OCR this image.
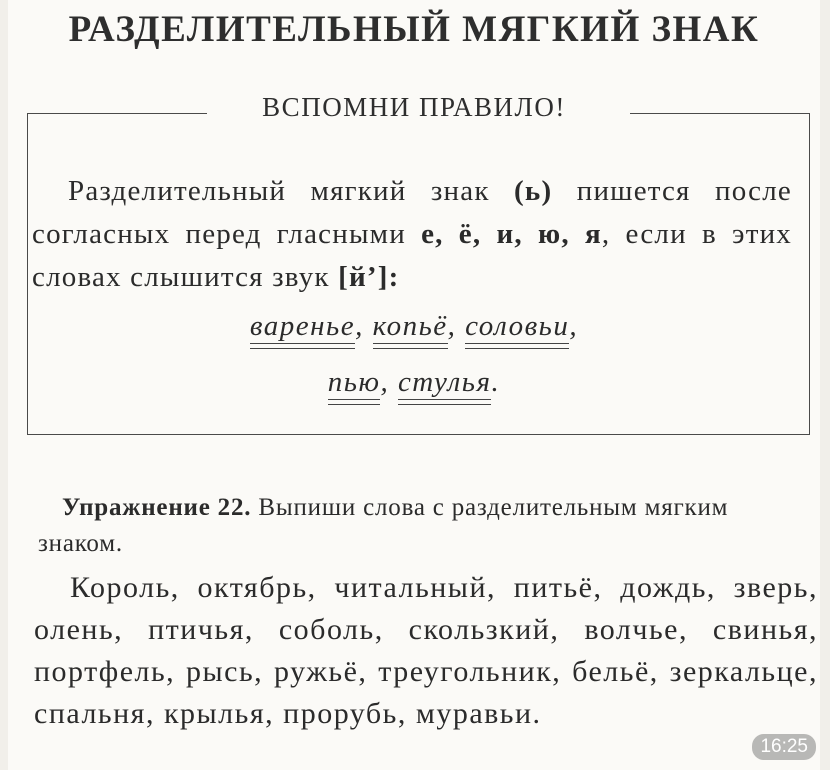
РАЗДЕЛИТЕЛЬНЫЙ МЯГКИЙ ЗНАК
ВСПОМНИ ПРАВИЛО!
Разделительный мягкий знак (ь) пишется после согласных перед гласными е, ё, и, ю, я, если в этих словах слышится звук [й’]:
варенье, копьё, соловьи,
пью, стулья.
Упражнение 22. Выпиши слова с разделительным мягким знаком.
Король, октябрь, читальный, питьё, дождь, зверь, олень, птичья, соболь, скользкий, волчье, свинья, портфель, рысь, ружьё, треугольник, бельё, зеркальце, спальня, крылья, прорубь, муравьи.
16:25
